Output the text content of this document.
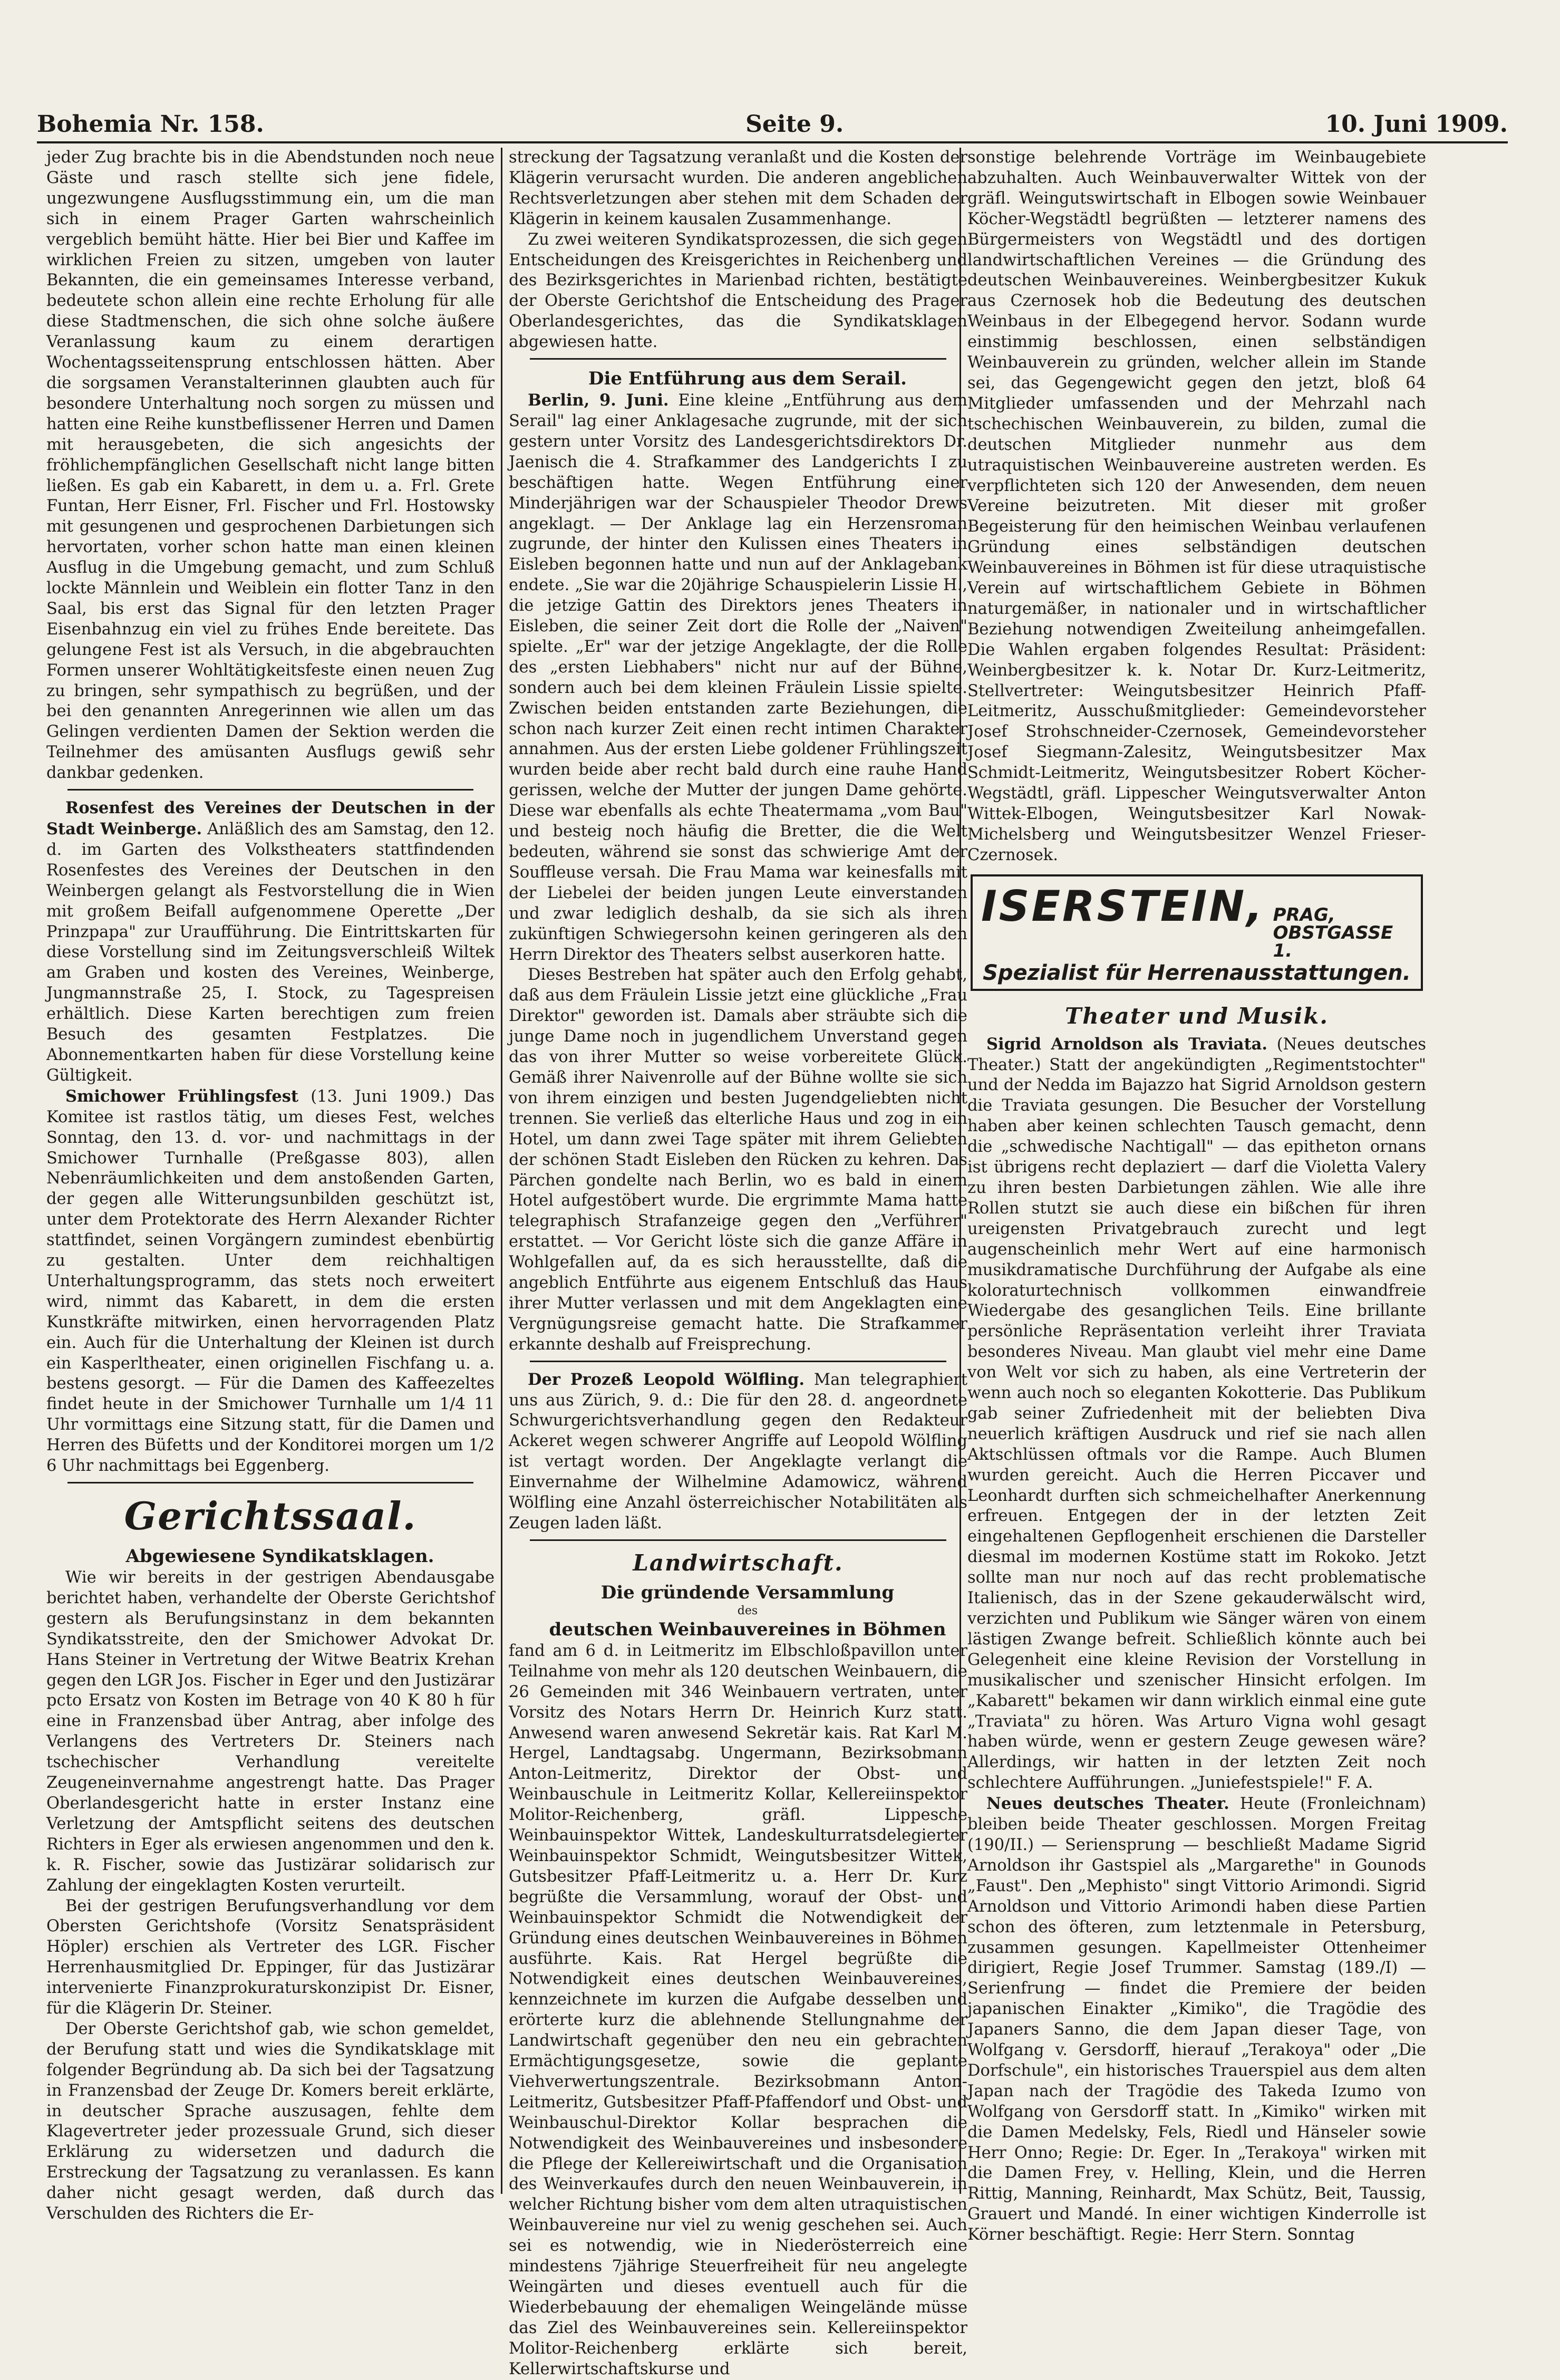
Bohemia Nr. 158.	Seite 9.	10. Juni 1909.

jeder Zug brachte bis in die Abendstunden noch neue Gäste und rasch stellte sich jene fidele, ungezwungene Ausflugsstimmung ein, um die man sich in einem Prager Garten wahrscheinlich vergeblich bemüht hätte. Hier bei Bier und Kaffee im wirklichen Freien zu sitzen, umgeben von lauter Bekannten, die ein gemeinsames Interesse verband, bedeutete schon allein eine rechte Erholung für alle diese Stadtmenschen, die sich ohne solche äußere Veranlassung kaum zu einem derartigen Wochentagsseitensprung entschlossen hätten. Aber die sorgsamen Veranstalterinnen glaubten auch für besondere Unterhaltung noch sorgen zu müssen und hatten eine Reihe kunstbeflissener Herren und Damen mit herausgebeten, die sich angesichts der fröhlichempfänglichen Gesellschaft nicht lange bitten ließen. Es gab ein Kabarett, in dem u. a. Frl. Grete Funtan, Herr Eisner, Frl. Fischer und Frl. Hostowsky mit gesungenen und gesprochenen Darbietungen sich hervortaten, vorher schon hatte man einen kleinen Ausflug in die Umgebung gemacht, und zum Schluß lockte Männlein und Weiblein ein flotter Tanz in den Saal, bis erst das Signal für den letzten Prager Eisenbahnzug ein viel zu frühes Ende bereitete. Das gelungene Fest ist als Versuch, in die abgebrauchten Formen unserer Wohltätigkeitsfeste einen neuen Zug zu bringen, sehr sympathisch zu begrüßen, und der bei den genannten Anregerinnen wie allen um das Gelingen verdienten Damen der Sektion werden die Teilnehmer des amüsanten Ausflugs gewiß sehr dankbar gedenken.

Rosenfest des Vereines der Deutschen in der Stadt Weinberge. Anläßlich des am Samstag, den 12. d. im Garten des Volkstheaters stattfindenden Rosenfestes des Vereines der Deutschen in den Weinbergen gelangt als Festvorstellung die in Wien mit großem Beifall aufgenommene Operette „Der Prinzpapa" zur Uraufführung. Die Eintrittskarten für diese Vorstellung sind im Zeitungsverschleiß Wiltek am Graben und kosten des Vereines, Weinberge, Jungmannstraße 25, I. Stock, zu Tagespreisen erhältlich. Diese Karten berechtigen zum freien Besuch des gesamten Festplatzes. Die Abonnementkarten haben für diese Vorstellung keine Gültigkeit.

Smichower Frühlingsfest (13. Juni 1909.) Das Komitee ist rastlos tätig, um dieses Fest, welches Sonntag, den 13. d. vor- und nachmittags in der Smichower Turnhalle (Preßgasse 803), allen Nebenräumlichkeiten und dem anstoßenden Garten, der gegen alle Witterungsunbilden geschützt ist, unter dem Protektorate des Herrn Alexander Richter stattfindet, seinen Vorgängern zumindest ebenbürtig zu gestalten. Unter dem reichhaltigen Unterhaltungsprogramm, das stets noch erweitert wird, nimmt das Kabarett, in dem die ersten Kunstkräfte mitwirken, einen hervorragenden Platz ein. Auch für die Unterhaltung der Kleinen ist durch ein Kasperltheater, einen originellen Fischfang u. a. bestens gesorgt. — Für die Damen des Kaffeezeltes findet heute in der Smichower Turnhalle um 1/4 11 Uhr vormittags eine Sitzung statt, für die Damen und Herren des Büfetts und der Konditorei morgen um 1/2 6 Uhr nachmittags bei Eggenberg.

Gerichtssaal.

Abgewiesene Syndikatsklagen.

Wie wir bereits in der gestrigen Abendausgabe berichtet haben, verhandelte der Oberste Gerichtshof gestern als Berufungsinstanz in dem bekannten Syndikatsstreite, den der Smichower Advokat Dr. Hans Steiner in Vertretung der Witwe Beatrix Krehan gegen den LGR Jos. Fischer in Eger und den Justizärar pcto Ersatz von Kosten im Betrage von 40 K 80 h für eine in Franzensbad über Antrag, aber infolge des Verlangens des Vertreters Dr. Steiners nach tschechischer Verhandlung vereitelte Zeugeneinvernahme angestrengt hatte. Das Prager Oberlandesgericht hatte in erster Instanz eine Verletzung der Amtspflicht seitens des deutschen Richters in Eger als erwiesen angenommen und den k. k. R. Fischer, sowie das Justizärar solidarisch zur Zahlung der eingeklagten Kosten verurteilt.

Bei der gestrigen Berufungsverhandlung vor dem Obersten Gerichtshofe (Vorsitz Senatspräsident Höpler) erschien als Vertreter des LGR. Fischer Herrenhausmitglied Dr. Eppinger, für das Justizärar intervenierte Finanzprokuraturskonzipist Dr. Eisner, für die Klägerin Dr. Steiner.

Der Oberste Gerichtshof gab, wie schon gemeldet, der Berufung statt und wies die Syndikatsklage mit folgender Begründung ab. Da sich bei der Tagsatzung in Franzensbad der Zeuge Dr. Komers bereit erklärte, in deutscher Sprache auszusagen, fehlte dem Klagevertreter jeder prozessuale Grund, sich dieser Erklärung zu widersetzen und dadurch die Erstreckung der Tagsatzung zu veranlassen. Es kann daher nicht gesagt werden, daß durch das Verschulden des Richters die Er-

streckung der Tagsatzung veranlaßt und die Kosten der Klägerin verursacht wurden. Die anderen angeblichen Rechtsverletzungen aber stehen mit dem Schaden der Klägerin in keinem kausalen Zusammenhange.

Zu zwei weiteren Syndikatsprozessen, die sich gegen Entscheidungen des Kreisgerichtes in Reichenberg und des Bezirksgerichtes in Marienbad richten, bestätigte der Oberste Gerichtshof die Entscheidung des Prager Oberlandesgerichtes, das die Syndikatsklagen abgewiesen hatte.

Die Entführung aus dem Serail.

Berlin, 9. Juni. Eine kleine „Entführung aus dem Serail" lag einer Anklagesache zugrunde, mit der sich gestern unter Vorsitz des Landesgerichtsdirektors Dr. Jaenisch die 4. Strafkammer des Landgerichts I zu beschäftigen hatte. Wegen Entführung einer Minderjährigen war der Schauspieler Theodor Drews angeklagt. — Der Anklage lag ein Herzensroman zugrunde, der hinter den Kulissen eines Theaters in Eisleben begonnen hatte und nun auf der Anklagebank endete. „Sie war die 20jährige Schauspielerin Lissie H., die jetzige Gattin des Direktors jenes Theaters in Eisleben, die seiner Zeit dort die Rolle der „Naiven" spielte. „Er" war der jetzige Angeklagte, der die Rolle des „ersten Liebhabers" nicht nur auf der Bühne, sondern auch bei dem kleinen Fräulein Lissie spielte. Zwischen beiden entstanden zarte Beziehungen, die schon nach kurzer Zeit einen recht intimen Charakter annahmen. Aus der ersten Liebe goldener Frühlingszeit wurden beide aber recht bald durch eine rauhe Hand gerissen, welche der Mutter der jungen Dame gehörte. Diese war ebenfalls als echte Theatermama „vom Bau" und besteig noch häufig die Bretter, die die Welt bedeuten, während sie sonst das schwierige Amt der Souffleuse versah. Die Frau Mama war keinesfalls mit der Liebelei der beiden jungen Leute einverstanden und zwar lediglich deshalb, da sie sich als ihren zukünftigen Schwiegersohn keinen geringeren als den Herrn Direktor des Theaters selbst auserkoren hatte.

Dieses Bestreben hat später auch den Erfolg gehabt, daß aus dem Fräulein Lissie jetzt eine glückliche „Frau Direktor" geworden ist. Damals aber sträubte sich die junge Dame noch in jugendlichem Unverstand gegen das von ihrer Mutter so weise vorbereitete Glück. Gemäß ihrer Naivenrolle auf der Bühne wollte sie sich von ihrem einzigen und besten Jugendgeliebten nicht trennen. Sie verließ das elterliche Haus und zog in ein Hotel, um dann zwei Tage später mit ihrem Geliebten der schönen Stadt Eisleben den Rücken zu kehren. Das Pärchen gondelte nach Berlin, wo es bald in einem Hotel aufgestöbert wurde. Die ergrimmte Mama hatte telegraphisch Strafanzeige gegen den „Verführer" erstattet. — Vor Gericht löste sich die ganze Affäre in Wohlgefallen auf, da es sich herausstellte, daß die angeblich Entführte aus eigenem Entschluß das Haus ihrer Mutter verlassen und mit dem Angeklagten eine Vergnügungsreise gemacht hatte. Die Strafkammer erkannte deshalb auf Freisprechung.

Der Prozeß Leopold Wölfling. Man telegraphiert uns aus Zürich, 9. d.: Die für den 28. d. angeordnete Schwurgerichtsverhandlung gegen den Redakteur Ackeret wegen schwerer Angriffe auf Leopold Wölfling ist vertagt worden. Der Angeklagte verlangt die Einvernahme der Wilhelmine Adamowicz, während Wölfling eine Anzahl österreichischer Notabilitäten als Zeugen laden läßt.

Landwirtschaft.

Die gründende Versammlung

des

deutschen Weinbauvereines in Böhmen

fand am 6 d. in Leitmeritz im Elbschloßpavillon unter Teilnahme von mehr als 120 deutschen Weinbauern, die 26 Gemeinden mit 346 Weinbauern vertraten, unter Vorsitz des Notars Herrn Dr. Heinrich Kurz statt. Anwesend waren anwesend Sekretär kais. Rat Karl M. Hergel, Landtagsabg. Ungermann, Bezirksobmann Anton-Leitmeritz, Direktor der Obst- und Weinbauschule in Leitmeritz Kollar, Kellereiinspektor Molitor-Reichenberg, gräfl. Lippesche Weinbauinspektor Wittek, Landeskulturratsdelegierter Weinbauinspektor Schmidt, Weingutsbesitzer Wittek, Gutsbesitzer Pfaff-Leitmeritz u. a. Herr Dr. Kurz begrüßte die Versammlung, worauf der Obst- und Weinbauinspektor Schmidt die Notwendigkeit der Gründung eines deutschen Weinbauvereines in Böhmen ausführte. Kais. Rat Hergel begrüßte die Notwendigkeit eines deutschen Weinbauvereines, kennzeichnete im kurzen die Aufgabe desselben und erörterte kurz die ablehnende Stellungnahme der Landwirtschaft gegenüber den neu ein gebrachten Ermächtigungsgesetze, sowie die geplante Viehverwertungszentrale. Bezirksobmann Anton-Leitmeritz, Gutsbesitzer Pfaff-Pfaffendorf und Obst- und Weinbauschul-Direktor Kollar besprachen die Notwendigkeit des Weinbauvereines und insbesondere die Pflege der Kellereiwirtschaft und die Organisation des Weinverkaufes durch den neuen Weinbauverein, in welcher Richtung bisher vom dem alten utraquistischen Weinbauvereine nur viel zu wenig geschehen sei. Auch sei es notwendig, wie in Niederösterreich eine mindestens 7jährige Steuerfreiheit für neu angelegte Weingärten und dieses eventuell auch für die Wiederbebauung der ehemaligen Weingelände müsse das Ziel des Weinbauvereines sein. Kellereiinspektor Molitor-Reichenberg erklärte sich bereit, Kellerwirtschaftskurse und

sonstige belehrende Vorträge im Weinbaugebiete abzuhalten. Auch Weinbauverwalter Wittek von der gräfl. Weingutswirtschaft in Elbogen sowie Weinbauer Köcher-Wegstädtl begrüßten — letzterer namens des Bürgermeisters von Wegstädtl und des dortigen landwirtschaftlichen Vereines — die Gründung des deutschen Weinbauvereines. Weinbergbesitzer Kukuk aus Czernosek hob die Bedeutung des deutschen Weinbaus in der Elbegegend hervor. Sodann wurde einstimmig beschlossen, einen selbständigen Weinbauverein zu gründen, welcher allein im Stande sei, das Gegengewicht gegen den jetzt, bloß 64 Mitglieder umfassenden und der Mehrzahl nach tschechischen Weinbauverein, zu bilden, zumal die deutschen Mitglieder nunmehr aus dem utraquistischen Weinbauvereine austreten werden. Es verpflichteten sich 120 der Anwesenden, dem neuen Vereine beizutreten. Mit dieser mit großer Begeisterung für den heimischen Weinbau verlaufenen Gründung eines selbständigen deutschen Weinbauvereines in Böhmen ist für diese utraquistische Verein auf wirtschaftlichem Gebiete in Böhmen naturgemäßer, in nationaler und in wirtschaftlicher Beziehung notwendigen Zweiteilung anheimgefallen. Die Wahlen ergaben folgendes Resultat: Präsident: Weinbergbesitzer k. k. Notar Dr. Kurz-Leitmeritz, Stellvertreter: Weingutsbesitzer Heinrich Pfaff-Leitmeritz, Ausschußmitglieder: Gemeindevorsteher Josef Strohschneider-Czernosek, Gemeindevorsteher Josef Siegmann-Zalesitz, Weingutsbesitzer Max Schmidt-Leitmeritz, Weingutsbesitzer Robert Köcher-Wegstädtl, gräfl. Lippescher Weingutsverwalter Anton Wittek-Elbogen, Weingutsbesitzer Karl Nowak-Michelsberg und Weingutsbesitzer Wenzel Frieser-Czernosek.

ISERSTEIN, PRAG,
OBSTGASSE 1.
Spezialist für Herrenausstattungen.
Theater und Musik.

Sigrid Arnoldson als Traviata. (Neues deutsches Theater.) Statt der angekündigten „Regimentstochter" und der Nedda im Bajazzo hat Sigrid Arnoldson gestern die Traviata gesungen. Die Besucher der Vorstellung haben aber keinen schlechten Tausch gemacht, denn die „schwedische Nachtigall" — das epitheton ornans ist übrigens recht deplaziert — darf die Violetta Valery zu ihren besten Darbietungen zählen. Wie alle ihre Rollen stutzt sie auch diese ein bißchen für ihren ureigensten Privatgebrauch zurecht und legt augenscheinlich mehr Wert auf eine harmonisch musikdramatische Durchführung der Aufgabe als eine koloraturtechnisch vollkommen einwandfreie Wiedergabe des gesanglichen Teils. Eine brillante persönliche Repräsentation verleiht ihrer Traviata besonderes Niveau. Man glaubt viel mehr eine Dame von Welt vor sich zu haben, als eine Vertreterin der wenn auch noch so eleganten Kokotterie. Das Publikum gab seiner Zufriedenheit mit der beliebten Diva neuerlich kräftigen Ausdruck und rief sie nach allen Aktschlüssen oftmals vor die Rampe. Auch Blumen wurden gereicht. Auch die Herren Piccaver und Leonhardt durften sich schmeichelhafter Anerkennung erfreuen. Entgegen der in der letzten Zeit eingehaltenen Gepflogenheit erschienen die Darsteller diesmal im modernen Kostüme statt im Rokoko. Jetzt sollte man nur noch auf das recht problematische Italienisch, das in der Szene gekauderwälscht wird, verzichten und Publikum wie Sänger wären von einem lästigen Zwange befreit. Schließlich könnte auch bei Gelegenheit eine kleine Revision der Vorstellung in musikalischer und szenischer Hinsicht erfolgen. Im „Kabarett" bekamen wir dann wirklich einmal eine gute „Traviata" zu hören. Was Arturo Vigna wohl gesagt haben würde, wenn er gestern Zeuge gewesen wäre? Allerdings, wir hatten in der letzten Zeit noch schlechtere Aufführungen. „Juniefestspiele!" F. A.

Neues deutsches Theater. Heute (Fronleichnam) bleiben beide Theater geschlossen. Morgen Freitag (190/II.) — Seriensprung — beschließt Madame Sigrid Arnoldson ihr Gastspiel als „Margarethe" in Gounods „Faust". Den „Mephisto" singt Vittorio Arimondi. Sigrid Arnoldson und Vittorio Arimondi haben diese Partien schon des öfteren, zum letztenmale in Petersburg, zusammen gesungen. Kapellmeister Ottenheimer dirigiert, Regie Josef Trummer. Samstag (189./I) — Serienfrung — findet die Premiere der beiden japanischen Einakter „Kimiko", die Tragödie des Japaners Sanno, die dem Japan dieser Tage, von Wolfgang v. Gersdorff, hierauf „Terakoya" oder „Die Dorfschule", ein historisches Trauerspiel aus dem alten Japan nach der Tragödie des Takeda Izumo von Wolfgang von Gersdorff statt. In „Kimiko" wirken mit die Damen Medelsky, Fels, Riedl und Hänseler sowie Herr Onno; Regie: Dr. Eger. In „Terakoya" wirken mit die Damen Frey, v. Helling, Klein, und die Herren Rittig, Manning, Reinhardt, Max Schütz, Beit, Taussig, Grauert und Mandé. In einer wichtigen Kinderrolle ist Körner beschäftigt. Regie: Herr Stern. Sonntag
